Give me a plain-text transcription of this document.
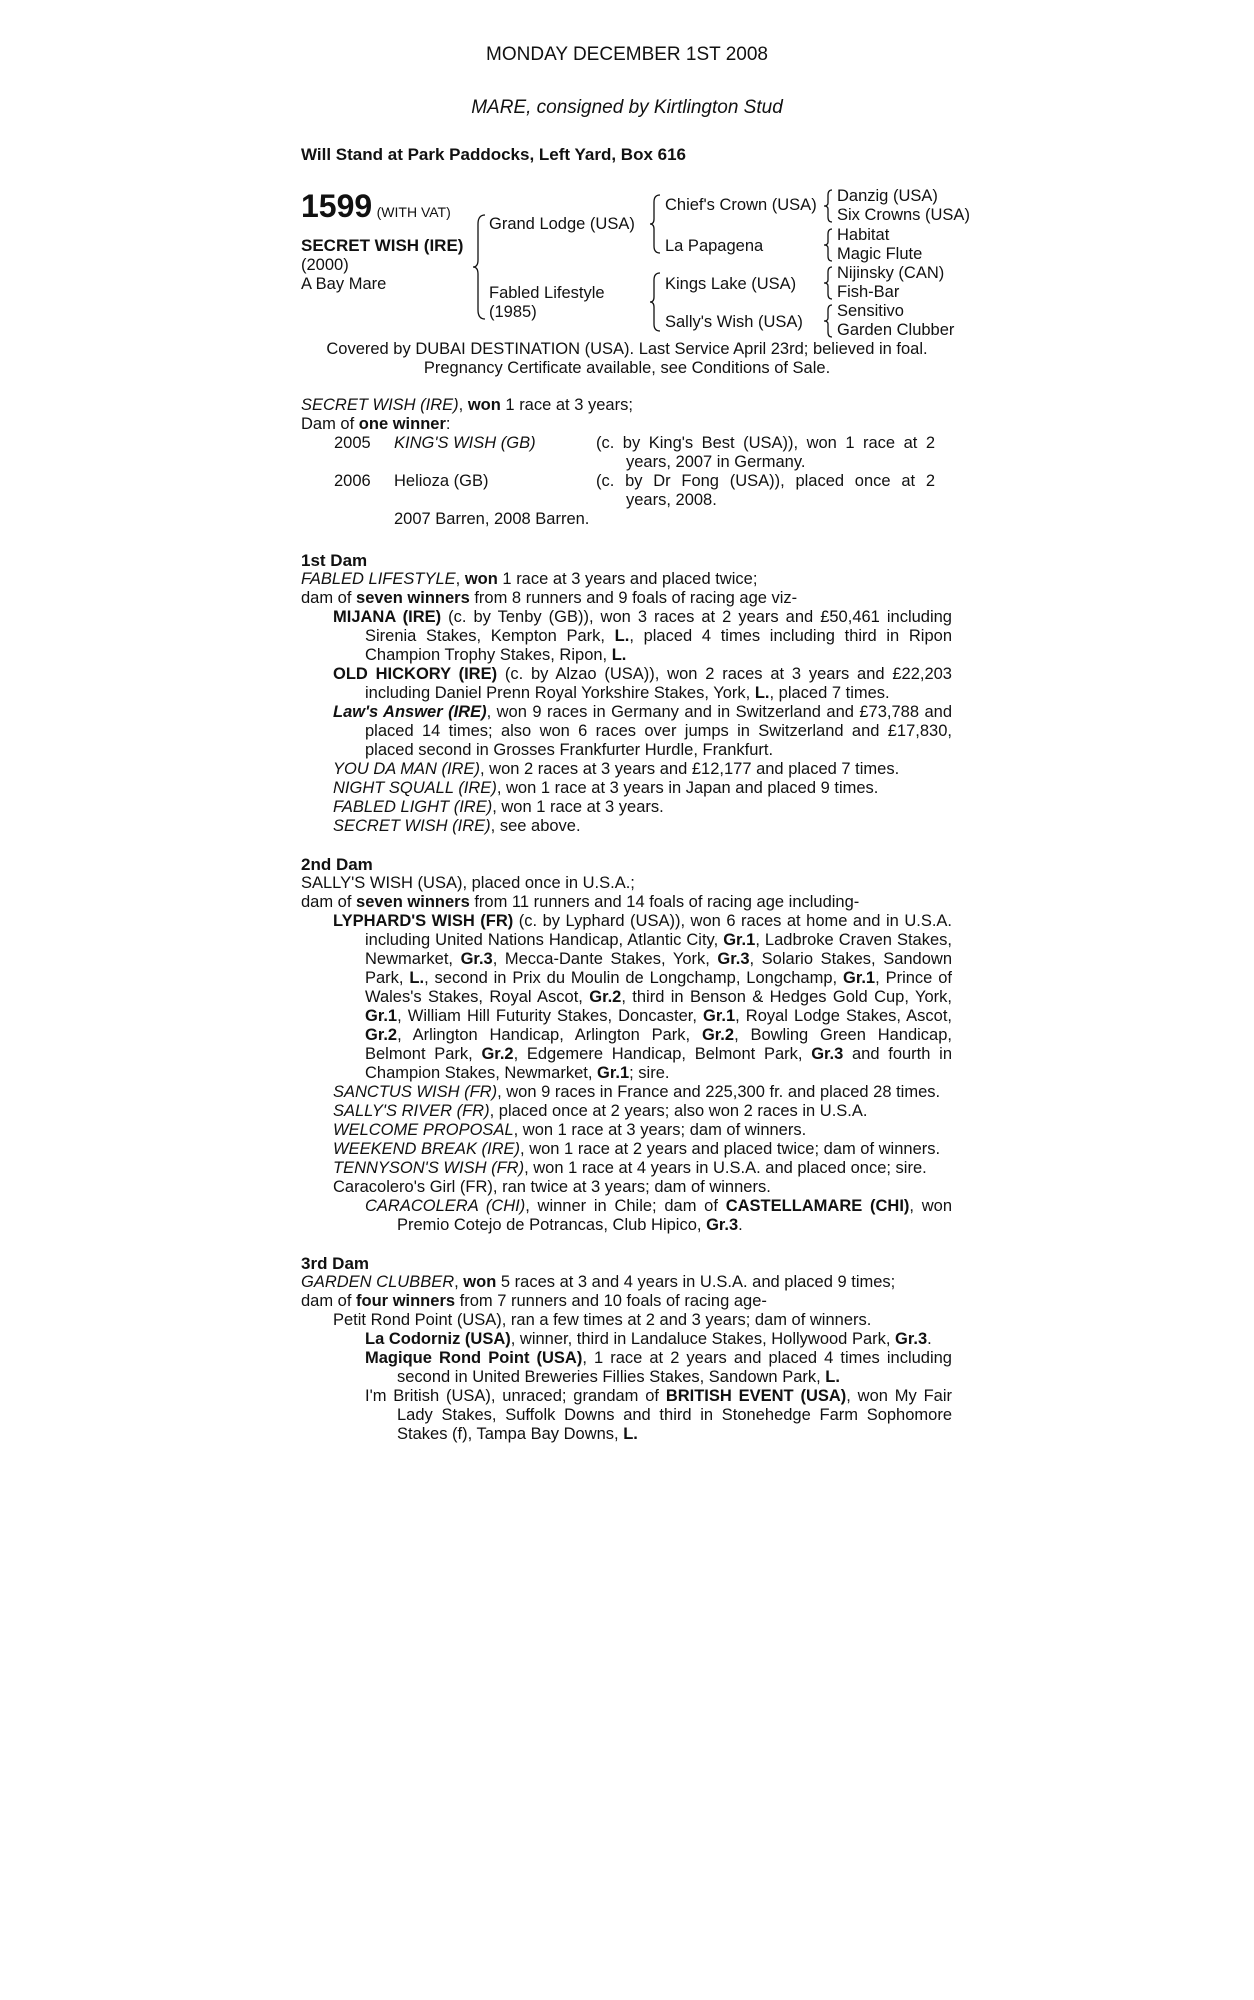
MONDAY DECEMBER 1ST 2008
MARE, consigned by Kirtlington Stud
Will Stand at Park Paddocks, Left Yard, Box 616
1599 (WITH VAT)
SECRET WISH (IRE)
(2000)
A Bay Mare
Grand Lodge (USA)
Fabled Lifestyle
(1985)
Chief's Crown (USA)
La Papagena
Kings Lake (USA)
Sally's Wish (USA)
Danzig (USA)
Six Crowns (USA)
Habitat
Magic Flute
Nijinsky (CAN)
Fish-Bar
Sensitivo
Garden Clubber
Covered by DUBAI DESTINATION (USA). Last Service April 23rd; believed in foal.
Pregnancy Certificate available, see Conditions of Sale.
SECRET WISH (IRE), won 1 race at 3 years;
Dam of one winner:
2005 KING'S WISH (GB)	(c. by King's Best (USA)), won 1 race at 2 years, 2007 in Germany.

2006 Helioza (GB)	(c. by Dr Fong (USA)), placed once at 2 years, 2008.

2007 Barren, 2008 Barren.
1st Dam
FABLED LIFESTYLE, won 1 race at 3 years and placed twice;
dam of seven winners from 8 runners and 9 foals of racing age viz-

MIJANA (IRE) (c. by Tenby (GB)), won 3 races at 2 years and £50,461 including Sirenia Stakes, Kempton Park, L., placed 4 times including third in Ripon Champion Trophy Stakes, Ripon, L.

OLD HICKORY (IRE) (c. by Alzao (USA)), won 2 races at 3 years and £22,203 including Daniel Prenn Royal Yorkshire Stakes, York, L., placed 7 times.

Law's Answer (IRE), won 9 races in Germany and in Switzerland and £73,788 and placed 14 times; also won 6 races over jumps in Switzerland and £17,830, placed second in Grosses Frankfurter Hurdle, Frankfurt.

YOU DA MAN (IRE), won 2 races at 3 years and £12,177 and placed 7 times.

NIGHT SQUALL (IRE), won 1 race at 3 years in Japan and placed 9 times.

FABLED LIGHT (IRE), won 1 race at 3 years.

SECRET WISH (IRE), see above.

2nd Dam
SALLY'S WISH (USA), placed once in U.S.A.;
dam of seven winners from 11 runners and 14 foals of racing age including-

LYPHARD'S WISH (FR) (c. by Lyphard (USA)), won 6 races at home and in U.S.A. including United Nations Handicap, Atlantic City, Gr.1, Ladbroke Craven Stakes, Newmarket, Gr.3, Mecca-Dante Stakes, York, Gr.3, Solario Stakes, Sandown Park, L., second in Prix du Moulin de Longchamp, Longchamp, Gr.1, Prince of Wales's Stakes, Royal Ascot, Gr.2, third in Benson & Hedges Gold Cup, York, Gr.1, William Hill Futurity Stakes, Doncaster, Gr.1, Royal Lodge Stakes, Ascot, Gr.2, Arlington Handicap, Arlington Park, Gr.2, Bowling Green Handicap, Belmont Park, Gr.2, Edgemere Handicap, Belmont Park, Gr.3 and fourth in Champion Stakes, Newmarket, Gr.1; sire.

SANCTUS WISH (FR), won 9 races in France and 225,300 fr. and placed 28 times.

SALLY'S RIVER (FR), placed once at 2 years; also won 2 races in U.S.A.

WELCOME PROPOSAL, won 1 race at 3 years; dam of winners.

WEEKEND BREAK (IRE), won 1 race at 2 years and placed twice; dam of winners.

TENNYSON'S WISH (FR), won 1 race at 4 years in U.S.A. and placed once; sire.

Caracolero's Girl (FR), ran twice at 3 years; dam of winners.

CARACOLERA (CHI), winner in Chile; dam of CASTELLAMARE (CHI), won Premio Cotejo de Potrancas, Club Hipico, Gr.3.

3rd Dam
GARDEN CLUBBER, won 5 races at 3 and 4 years in U.S.A. and placed 9 times;
dam of four winners from 7 runners and 10 foals of racing age-

Petit Rond Point (USA), ran a few times at 2 and 3 years; dam of winners.

La Codorniz (USA), winner, third in Landaluce Stakes, Hollywood Park, Gr.3.

Magique Rond Point (USA), 1 race at 2 years and placed 4 times including second in United Breweries Fillies Stakes, Sandown Park, L.

I'm British (USA), unraced; grandam of BRITISH EVENT (USA), won My Fair Lady Stakes, Suffolk Downs and third in Stonehedge Farm Sophomore Stakes (f), Tampa Bay Downs, L.
